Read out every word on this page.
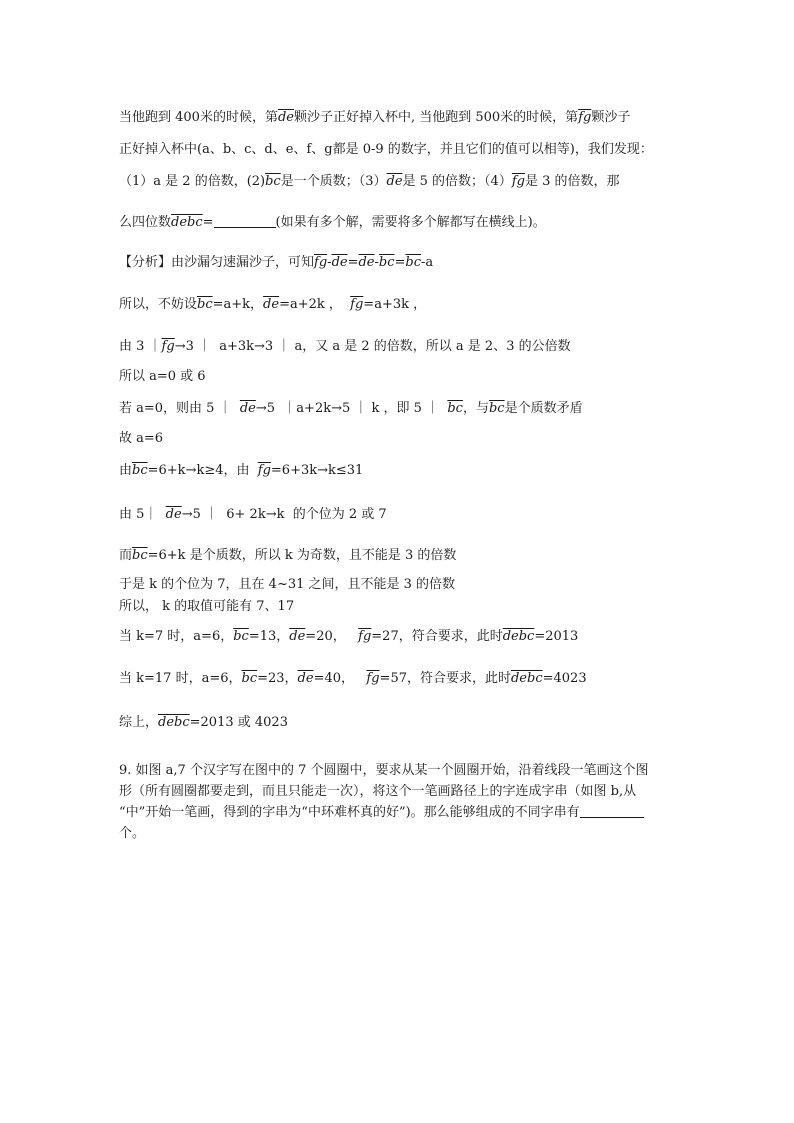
当他跑到 400米的时候，第$\overline{de}$颗沙子正好掉入杯中, 当他跑到 500米的时候，第$\overline{fg}$颗沙子
正好掉入杯中(a、b、c、d、e、f、g都是 0-9 的数字，并且它们的值可以相等)，我们发现：
（1）a 是 2 的倍数，$(2)\overline{bc}$是一个质数；$(3)\overline{de}$是 5 的倍数；$(4)\overline{fg}$是 3 的倍数，那
么四位数debc=	(如果有多个解，需要将多个解都写在横线上)。
【分析】由沙漏匀速漏沙子，可知$\overline{fg}-\overline{de}=\overline{de}-\overline{bc}=\overline{bc}-a$
所以，不妨设$\overline{bc}=a+k$，$\overline{de}=a+2k$ ，  $\overline{fg}=a+3k$ ，
由 3 $|\overline{fg}\to 3$ ｜  a+3k→3 ｜ a，又 a 是 2 的倍数，所以 a 是 2、3 的公倍数
所以 a=0 或 6
若 a=0，则由 5 ｜  $\overline{de}\to 5$  ｜a+2k→5 ｜ k ，即 5 ｜  $\overline{bc}$，与$\overline{bc}$是个质数矛盾
故 a=6
由$\overline{bc}=6+k\to k\ge 4$，由  $\overline{fg}=6+3k\to k\le 31$
由 5｜  $\overline{de}\to 5$ ｜  6+ 2k→k  的个位为 2 或 7
而$\overline{bc}=6+k$ 是个质数，所以 k 为奇数，且不能是 3 的倍数
于是 k 的个位为 7，且在 4~31 之间，且不能是 3 的倍数
所以， k 的取值可能有 7、17
当 k=7 时，a=6，$\overline{bc}=13$，$\overline{de}=20$，   $\overline{fg}=27$，符合要求，此时debc=2013
当 k=17 时，a=6，$\overline{bc}=23$，$\overline{de}=40$，   $\overline{fg}=57$，符合要求，此时debc=4023
综上，debc=2013 或 4023
9. 如图 a,7 个汉字写在图中的 7 个圆圈中，要求从某一个圆圈开始，沿着线段一笔画这个图
形（所有圆圈都要走到，而且只能走一次），将这个一笔画路径上的字连成字串（如图 b,从
“中”开始一笔画，得到的字串为“中环难杯真的好”)。那么能够组成的不同字串有
个。
